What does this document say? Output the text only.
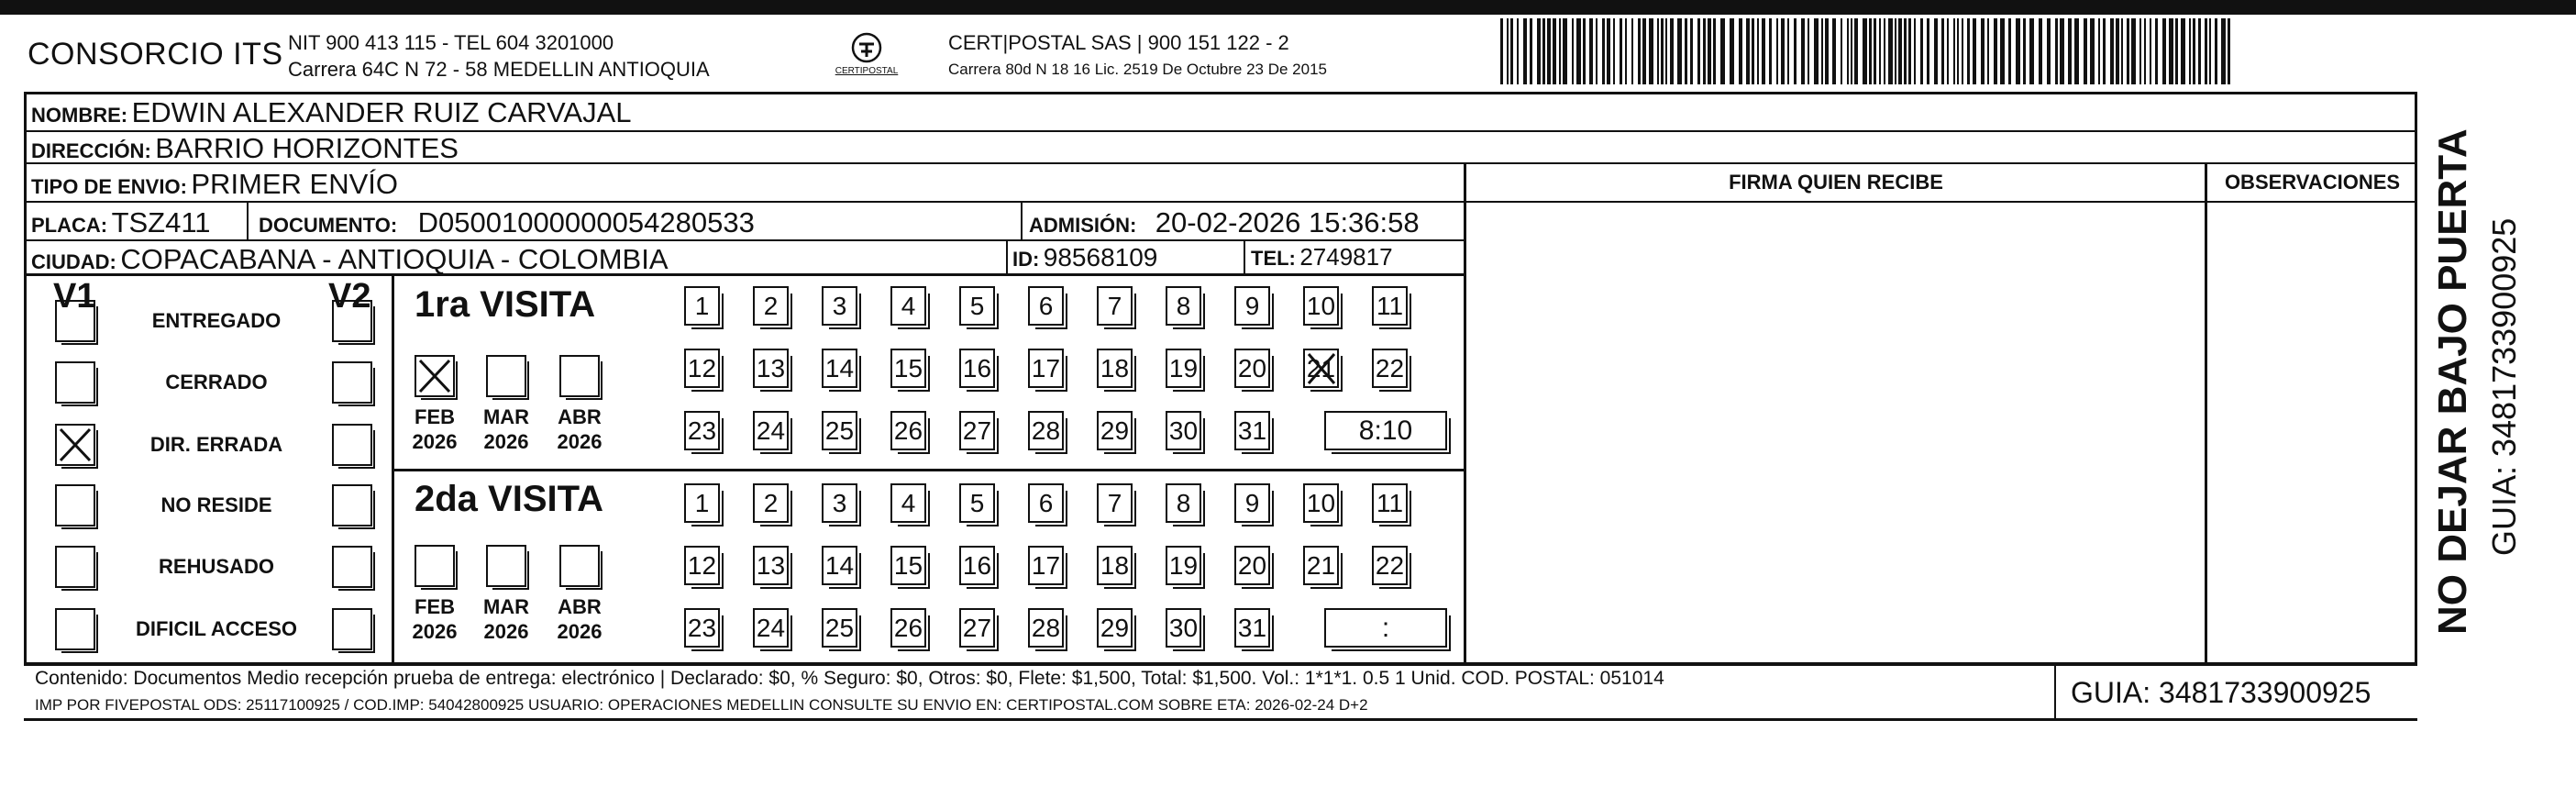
CONSORCIO ITS NIT 900 413 115 - TEL 604 3201000
Carrera 64C N 72 - 58 MEDELLIN ANTIOQUIA	CERTIPOSTAL
CERT|POSTAL SAS | 900 151 122 - 2
Carrera 80d N 18 16 Lic. 2519 De Octubre 23 De 2015
NOMBRE: EDWIN ALEXANDER RUIZ CARVAJAL
DIRECCIÓN: BARRIO HORIZONTES
TIPO DE ENVIO: PRIMER ENVÍO
PLACA: TSZ411 DOCUMENTO: D05001000000054280533	ADMISIÓN: 20-02-2026 15:36:58
CIUDAD: COPACABANA - ANTIOQUIA - COLOMBIA	ID: 98568109	TEL: 2749817
FIRMA QUIEN RECIBE	OBSERVACIONES
V1	V2
ENTREGADO
CERRADO
DIR. ERRADA
NO RESIDE
REHUSADO
DIFICIL ACCESO
1ra VISITA
FEB
2026
MAR
2026
ABR
2026
1	2	3	4	5	6	7	8	9	10 11
12 13 14 15 16 17 18 19 20 21 22
23 24 25 26 27 28 29 30 31	8:10
2da VISITA
FEB
2026
MAR
2026
ABR
2026
1	2	3	4	5	6	7	8	9	10 11
12 13 14 15 16 17 18 19 20 21 22
23 24 25 26 27 28 29 30 31	:
Contenido: Documentos Medio recepción prueba de entrega: electrónico | Declarado: $0, % Seguro: $0, Otros: $0, Flete: $1,500, Total: $1,500. Vol.: 1*1*1. 0.5 1 Unid. COD. POSTAL: 051014
IMP POR FIVEPOSTAL ODS: 25117100925 / COD.IMP: 54042800925 USUARIO: OPERACIONES MEDELLIN CONSULTE SU ENVIO EN: CERTIPOSTAL.COM SOBRE ETA: 2026-02-24 D+2	GUIA: 3481733900925
NO DEJAR BAJO PUERTA GUIA: 3481733900925
